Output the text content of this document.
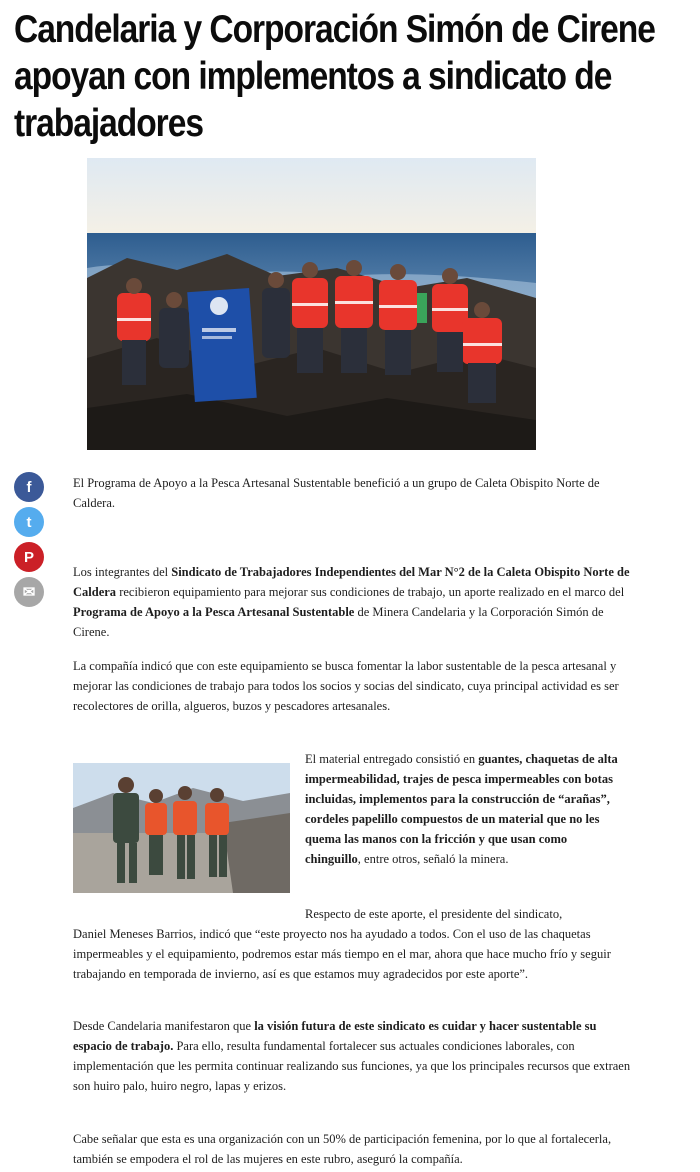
Candelaria y Corporación Simón de Cirene
apoyan con implementos a sindicato de
trabajadores
f
t
P
✉

El Programa de Apoyo a la Pesca Artesanal Sustentable benefició a un grupo de Caleta Obispito Norte de Caldera.

Los integrantes del Sindicato de Trabajadores Independientes del Mar N°2 de la Caleta Obispito Norte de Caldera recibieron equipamiento para mejorar sus condiciones de trabajo, un aporte realizado en el marco del Programa de Apoyo a la Pesca Artesanal Sustentable de Minera Candelaria y la Corporación Simón de Cirene.

La compañía indicó que con este equipamiento se busca fomentar la labor sustentable de la pesca artesanal y mejorar las condiciones de trabajo para todos los socios y socias del sindicato, cuya principal actividad es ser recolectores de orilla, algueros, buzos y pescadores artesanales.

El material entregado consistió en guantes, chaquetas de alta impermeabilidad, trajes de pesca impermeables con botas incluidas, implementos para la construcción de “arañas”, cordeles papelillo compuestos de un material que no les quema las manos con la fricción y que usan como chinguillo, entre otros, señaló la minera.

Respecto de este aporte, el presidente del sindicato,
Daniel Meneses Barrios, indicó que “este proyecto nos ha ayudado a todos. Con el uso de las chaquetas impermeables y el equipamiento, podremos estar más tiempo en el mar, ahora que hace mucho frío y seguir trabajando en temporada de invierno, así es que estamos muy agradecidos por este aporte”.

Desde Candelaria manifestaron que la visión futura de este sindicato es cuidar y hacer sustentable su espacio de trabajo. Para ello, resulta fundamental fortalecer sus actuales condiciones laborales, con implementación que les permita continuar realizando sus funciones, ya que los principales recursos que extraen son huiro palo, huiro negro, lapas y erizos.

Cabe señalar que esta es una organización con un 50% de participación femenina, por lo que al fortalecerla, también se empodera el rol de las mujeres en este rubro, aseguró la compañía.
